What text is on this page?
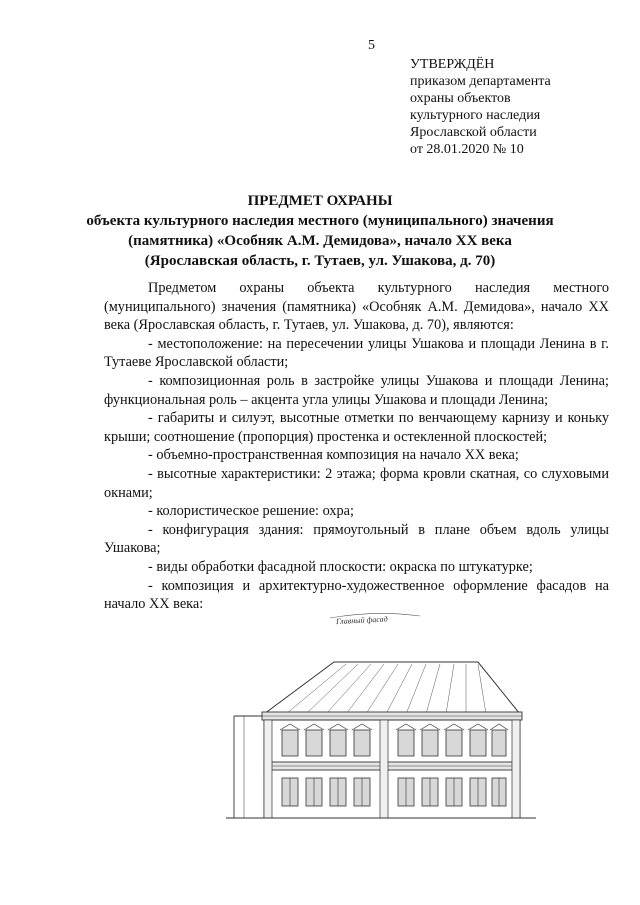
5
УТВЕРЖДЁН
приказом департамента
охраны объектов
культурного наследия
Ярославской области
от 28.01.2020 № 10
ПРЕДМЕТ ОХРАНЫ
объекта культурного наследия местного (муниципального) значения
(памятника) «Особняк А.М. Демидова», начало XX века
(Ярославская область, г. Тутаев, ул. Ушакова, д. 70)

Предметом охраны объекта культурного наследия местного (муниципального) значения (памятника) «Особняк А.М. Демидова», начало XX века (Ярославская область, г. Тутаев, ул. Ушакова, д. 70), являются:

- местоположение: на пересечении улицы Ушакова и площади Ленина в г. Тутаеве Ярославской области;

- композиционная роль в застройке улицы Ушакова и площади Ленина; функциональная роль – акцента угла улицы Ушакова и площади Ленина;

- габариты и силуэт, высотные отметки по венчающему карнизу и коньку крыши; соотношение (пропорция) простенка и остекленной плоскостей;

- объемно-пространственная композиция на начало XX века;

- высотные характеристики: 2 этажа; форма кровли скатная, со слуховыми окнами;

- колористическое решение: охра;

- конфигурация здания: прямоугольный в плане объем вдоль улицы Ушакова;

- виды обработки фасадной плоскости: окраска по штукатурке;

- композиция и архитектурно-художественное оформление фасадов на начало XX века:

Главный фасад
